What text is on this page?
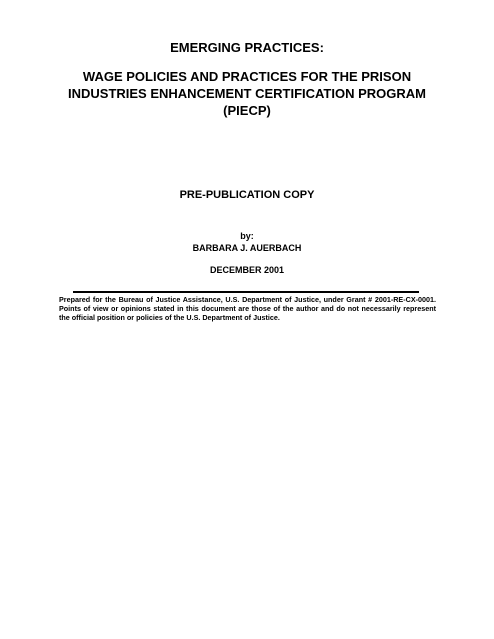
EMERGING PRACTICES:
WAGE POLICIES AND PRACTICES FOR THE PRISON
INDUSTRIES ENHANCEMENT CERTIFICATION PROGRAM
(PIECP)
PRE-PUBLICATION COPY
by:
BARBARA J. AUERBACH
DECEMBER 2001
Prepared for the Bureau of Justice Assistance, U.S. Department of Justice, under Grant # 2001-RE-CX-0001. Points of view or opinions stated in this document are those of the author and do not necessarily represent the official position or policies of the U.S. Department of Justice.
